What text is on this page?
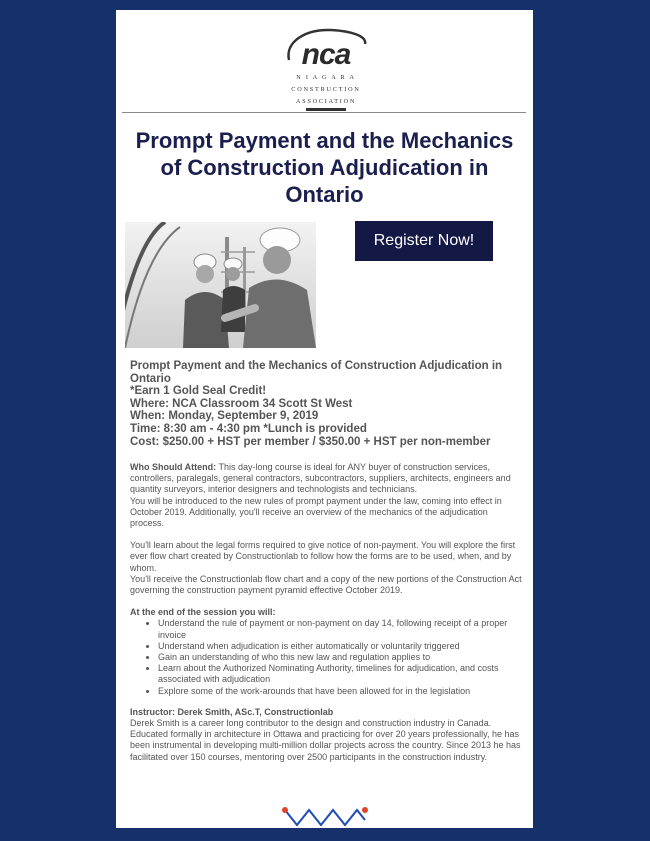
nca
N I A G A R A
CONSTRUCTION
ASSOCIATION
Prompt Payment and the Mechanics of Construction Adjudication in Ontario
Register Now!
Prompt Payment and the Mechanics of Construction Adjudication in Ontario
*Earn 1 Gold Seal Credit!
Where: NCA Classroom 34 Scott St West
When: Monday, September 9, 2019
Time: 8:30 am - 4:30 pm *Lunch is provided
Cost: $250.00 + HST per member / $350.00 + HST per non-member

Who Should Attend: This day-long course is ideal for ANY buyer of construction services, controllers, paralegals, general contractors, subcontractors, suppliers, architects, engineers and quantity surveyors, interior designers and technologists and technicians.
You will be introduced to the new rules of prompt payment under the law, coming into effect in October 2019. Additionally, you'll receive an overview of the mechanics of the adjudication process.

You'll learn about the legal forms required to give notice of non-payment. You will explore the first ever flow chart created by Constructionlab to follow how the forms are to be used, when, and by whom.
You'll receive the Constructionlab flow chart and a copy of the new portions of the Construction Act governing the construction payment pyramid effective October 2019.

At the end of the session you will:
• Understand the rule of payment or non-payment on day 14, following receipt of a proper invoice
• Understand when adjudication is either automatically or voluntarily triggered
• Gain an understanding of who this new law and regulation applies to
• Learn about the Authorized Nominating Authority, timelines for adjudication, and costs associated with adjudication
• Explore some of the work-arounds that have been allowed for in the legislation
Instructor: Derek Smith, ASc.T, Constructionlab
Derek Smith is a career long contributor to the design and construction industry in Canada. Educated formally in architecture in Ottawa and practicing for over 20 years professionally, he has been instrumental in developing multi-million dollar projects across the country. Since 2013 he has facilitated over 150 courses, mentoring over 2500 participants in the construction industry.
